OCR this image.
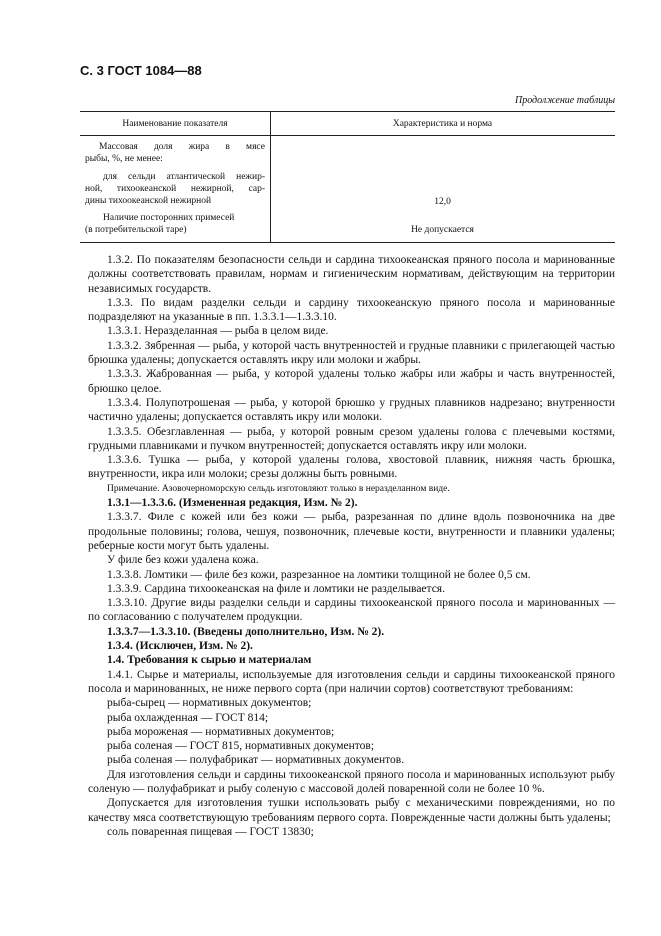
С. 3 ГОСТ 1084—88
Продолжение таблицы
Наименование показателя	Характеристика и норма
Массовая доля жира в мясе
рыбы, %, не менее:
для сельди атлантической нежир-
ной, тихоокеанской нежирной, сар-
дины тихоокеанской нежирной	12,0
Наличие посторонних примесей
(в потребительской таре)	Не допускается

1.3.2. По показателям безопасности сельди и сардина тихоокеанская пряного посола и маринованные должны соответствовать правилам, нормам и гигиеническим нормативам, действующим на территории независимых государств.

1.3.3. По видам разделки сельди и сардину тихоокеанскую пряного посола и маринованные подразделяют на указанные в пп. 1.3.3.1—1.3.3.10.

1.3.3.1. Неразделанная — рыба в целом виде.

1.3.3.2. Зябренная — рыба, у которой часть внутренностей и грудные плавники с прилегающей частью брюшка удалены; допускается оставлять икру или молоки и жабры.

1.3.3.3. Жаброванная — рыба, у которой удалены только жабры или жабры и часть внутренностей, брюшко целое.

1.3.3.4. Полупотрошеная — рыба, у которой брюшко у грудных плавников надрезано; внутренности частично удалены; допускается оставлять икру или молоки.

1.3.3.5. Обезглавленная — рыба, у которой ровным срезом удалены голова с плечевыми костями, грудными плавниками и пучком внутренностей; допускается оставлять икру или молоки.

1.3.3.6. Тушка — рыба, у которой удалены голова, хвостовой плавник, нижняя часть брюшка, внутренности, икра или молоки; срезы должны быть ровными.

Примечание. Азовочерноморскую сельдь изготовляют только в неразделанном виде.

1.3.1—1.3.3.6. (Измененная редакция, Изм. № 2).

1.3.3.7. Филе с кожей или без кожи — рыба, разрезанная по длине вдоль позвоночника на две продольные половины; голова, чешуя, позвоночник, плечевые кости, внутренности и плавники удалены; реберные кости могут быть удалены.

У филе без кожи удалена кожа.

1.3.3.8. Ломтики — филе без кожи, разрезанное на ломтики толщиной не более 0,5 см.

1.3.3.9. Сардина тихоокеанская на филе и ломтики не разделывается.

1.3.3.10. Другие виды разделки сельди и сардины тихоокеанской пряного посола и маринованных — по согласованию с получателем продукции.

1.3.3.7—1.3.3.10. (Введены дополнительно, Изм. № 2).

1.3.4. (Исключен, Изм. № 2).

1.4. Требования к сырью и материалам

1.4.1. Сырье и материалы, используемые для изготовления сельди и сардины тихоокеанской пряного посола и маринованных, не ниже первого сорта (при наличии сортов) соответствуют требованиям:

рыба-сырец — нормативных документов;

рыба охлажденная — ГОСТ 814;

рыба мороженая — нормативных документов;

рыба соленая — ГОСТ 815, нормативных документов;

рыба соленая — полуфабрикат — нормативных документов.

Для изготовления сельди и сардины тихоокеанской пряного посола и маринованных используют рыбу соленую — полуфабрикат и рыбу соленую с массовой долей поваренной соли не более 10 %.

Допускается для изготовления тушки использовать рыбу с механическими повреждениями, но по качеству мяса соответствующую требованиям первого сорта. Поврежденные части должны быть удалены;

соль поваренная пищевая — ГОСТ 13830;
